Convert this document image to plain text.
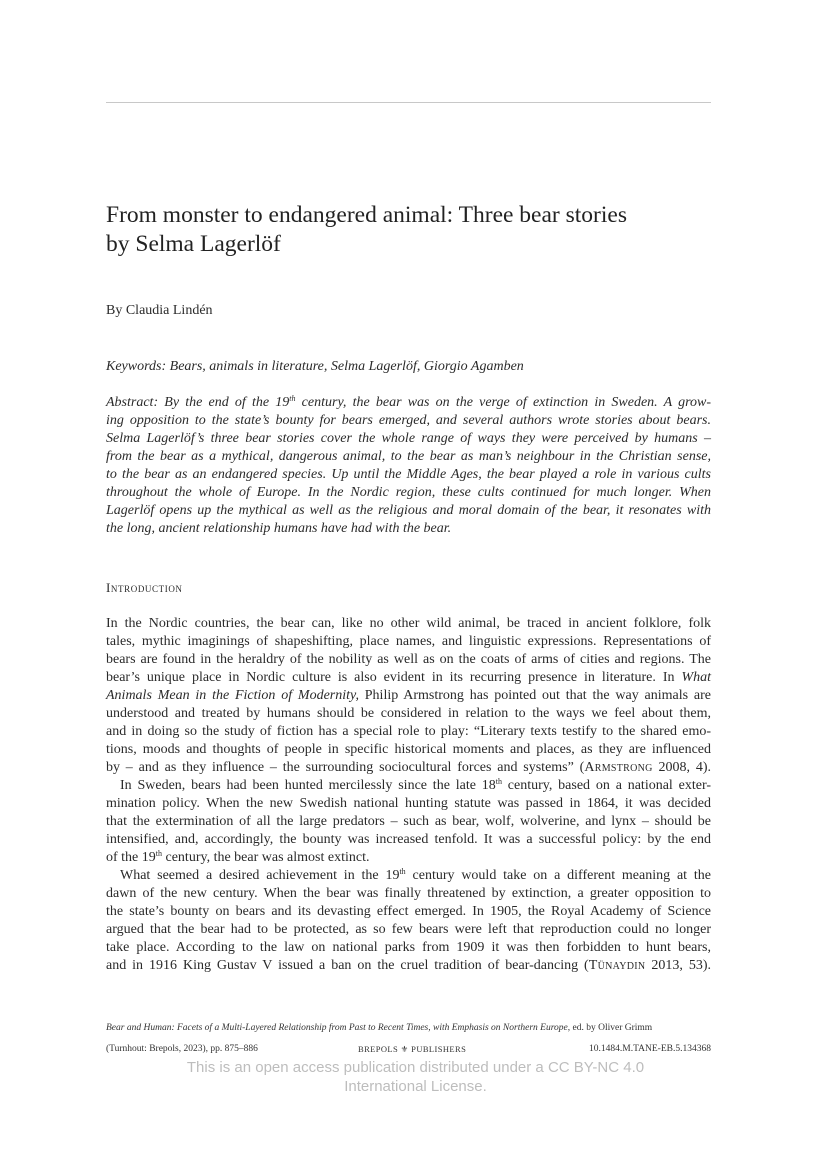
From monster to endangered animal: Three bear stories
by Selma Lagerlöf
By Claudia Lindén
Keywords: Bears, animals in literature, Selma Lagerlöf, Giorgio Agamben
Abstract: By the end of the 19th century, the bear was on the verge of extinction in Sweden. A grow-
ing opposition to the state’s bounty for bears emerged, and several authors wrote stories about bears.
Selma Lagerlöf’s three bear stories cover the whole range of ways they were perceived by humans –
from the bear as a mythical, dangerous animal, to the bear as man’s neighbour in the Christian sense,
to the bear as an endangered species. Up until the Middle Ages, the bear played a role in various cults
throughout the whole of Europe. In the Nordic region, these cults continued for much longer. When
Lagerlöf opens up the mythical as well as the religious and moral domain of the bear, it resonates with
the long, ancient relationship humans have had with the bear.
Introduction
In the Nordic countries, the bear can, like no other wild animal, be traced in ancient folklore, folk
tales, mythic imaginings of shapeshifting, place names, and linguistic expressions. Representations of
bears are found in the heraldry of the nobility as well as on the coats of arms of cities and regions. The
bear’s unique place in Nordic culture is also evident in its recurring presence in literature. In What
Animals Mean in the Fiction of Modernity, Philip Armstrong has pointed out that the way animals are
understood and treated by humans should be considered in relation to the ways we feel about them,
and in doing so the study of fiction has a special role to play: “Literary texts testify to the shared emo-
tions, moods and thoughts of people in specific historical moments and places, as they are influenced
by – and as they influence – the surrounding sociocultural forces and systems” (Armstrong 2008, 4).
In Sweden, bears had been hunted mercilessly since the late 18th century, based on a national exter-
mination policy. When the new Swedish national hunting statute was passed in 1864, it was decided
that the extermination of all the large predators – such as bear, wolf, wolverine, and lynx – should be
intensified, and, accordingly, the bounty was increased tenfold. It was a successful policy: by the end
of the 19th century, the bear was almost extinct.
What seemed a desired achievement in the 19th century would take on a different meaning at the
dawn of the new century. When the bear was finally threatened by extinction, a greater opposition to
the state’s bounty on bears and its devasting effect emerged. In 1905, the Royal Academy of Science
argued that the bear had to be protected, as so few bears were left that reproduction could no longer
take place. According to the law on national parks from 1909 it was then forbidden to hunt bears,
and in 1916 King Gustav V issued a ban on the cruel tradition of bear-dancing (Tünaydin 2013, 53).
Bear and Human: Facets of a Multi-Layered Relationship from Past to Recent Times, with Emphasis on Northern Europe, ed. by Oliver Grimm
(Turnhout: Brepols, 2023), pp. 875–886	BREPOLS ⚜ PUBLISHERS	10.1484.M.TANE-EB.5.134368
This is an open access publication distributed under a CC BY-NC 4.0
International License.
